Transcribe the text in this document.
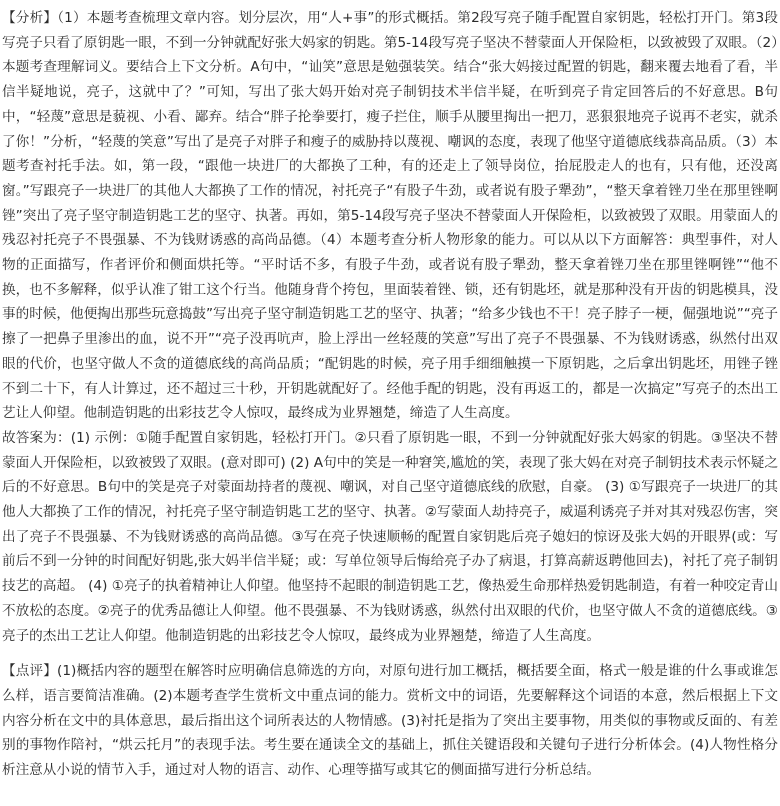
【分析】（1）本题考查梳理文章内容。划分层次，用“人+事”的形式概括。第2段写亮子随手配置自家钥匙，轻松打开门。第3段写亮子只看了原钥匙一眼，不到一分钟就配好张大妈家的钥匙。第5-14段写亮子坚决不替蒙面人开保险柜，以致被毁了双眼。（2）本题考查理解词义。要结合上下文分析。A句中，“讪笑”意思是勉强装笑。结合“张大妈接过配置的钥匙，翻来覆去地看了看，半信半疑地说，亮子，这就中了？”可知，写出了张大妈开始对亮子制钥技术半信半疑，在听到亮子肯定回答后的不好意思。B句中，“轻蔑”意思是藐视、小看、鄙弃。结合“胖子抡拳要打，瘦子拦住，顺手从腰里掏出一把刀，恶狠狠地亮子说再不老实，就杀了你！”分析，“轻蔑的笑意”写出了是亮子对胖子和瘦子的威胁持以蔑视、嘲讽的态度，表现了他坚守道德底线恭高品质。（3）本题考查衬托手法。如，第一段，“跟他一块进厂的大都换了工种，有的还走上了领导岗位，抬屁股走人的也有，只有他，还没离窗。”写跟亮子一块进厂的其他人大都换了工作的情况，衬托亮子“有股子牛劲，或者说有股子犟劲”，“整天拿着锉刀坐在那里锉啊锉”突出了亮子坚守制造钥匙工艺的坚守、执著。再如，第5-14段写亮子坚决不替蒙面人开保险柜，以致被毁了双眼。用蒙面人的残忍衬托亮子不畏强暴、不为钱财诱惑的高尚品德。（4）本题考查分析人物形象的能力。可以从以下方面解答：典型事件，对人物的正面描写，作者评价和侧面烘托等。“平时话不多，有股子牛劲，或者说有股子犟劲，整天拿着锉刀坐在那里锉啊锉”“他不换，也不多解释，似乎认准了钳工这个行当。他随身背个挎包，里面装着锉、锁，还有钥匙坯，就是那种没有开齿的钥匙模具，没事的时候，他便掏出那些玩意捣鼓”写出亮子坚守制造钥匙工艺的坚守、执著；“给多少钱也不干！亮子脖子一梗，倔强地说”“亮子擦了一把鼻子里渗出的血，说不开”“亮子没再吭声，脸上浮出一丝轻蔑的笑意”写出了亮子不畏强暴、不为钱财诱惑，纵然付出双眼的代价，也坚守做人不贪的道德底线的高尚品质；“配钥匙的时候，亮子用手细细触摸一下原钥匙，之后拿出钥匙坯，用锉子锉不到二十下，有人计算过，还不超过三十秒，开钥匙就配好了。经他手配的钥匙，没有再返工的，都是一次搞定”写亮子的杰出工艺让人仰望。他制造钥匙的出彩技艺令人惊叹，最终成为业界翘楚，缔造了人生高度。

故答案为：(1) 示例：①随手配置自家钥匙，轻松打开门。②只看了原钥匙一眼，不到一分钟就配好张大妈家的钥匙。③坚决不替蒙面人开保险柜，以致被毁了双眼。(意对即可) (2) A句中的笑是一种窘笑,尴尬的笑，表现了张大妈在对亮子制钥技术表示怀疑之后的不好意思。B句中的笑是亮子对蒙面劫持者的蔑视、嘲讽，对自己坚守道德底线的欣慰，自豪。 (3) ①写跟亮子一块进厂的其他人大都换了工作的情况，衬托亮子坚守制造钥匙工艺的坚守、执著。②写蒙面人劫持亮子，威逼利诱亮子并对其对残忍伤害，突出了亮子不畏强暴、不为钱财诱惑的高尚品德。③写在亮子快速顺畅的配置自家钥匙后亮子媳妇的惊讶及张大妈的开眼界(或：写前后不到一分钟的时间配好钥匙,张大妈半信半疑；或：写单位领导后悔给亮子办了病退，打算高薪返聘他回去)，衬托了亮子制钥技艺的高超。 (4) ①亮子的执着精神让人仰望。他坚持不起眼的制造钥匙工艺，像热爱生命那样热爱钥匙制造，有着一种咬定青山不放松的态度。②亮子的优秀品德让人仰望。他不畏强暴、不为钱财诱惑，纵然付出双眼的代价，也坚守做人不贪的道德底线。③亮子的杰出工艺让人仰望。他制造钥匙的出彩技艺令人惊叹，最终成为业界翘楚，缔造了人生高度。

【点评】(1)概括内容的题型在解答时应明确信息筛选的方向，对原句进行加工概括，概括要全面，格式一般是谁的什么事或谁怎么样，语言要简洁准确。(2)本题考查学生赏析文中重点词的能力。赏析文中的词语，先要解释这个词语的本意，然后根据上下文内容分析在文中的具体意思，最后指出这个词所表达的人物情感。(3)衬托是指为了突出主要事物，用类似的事物或反面的、有差别的事物作陪衬，“烘云托月”的表现手法。考生要在通读全文的基础上，抓住关键语段和关键句子进行分析体会。(4)人物性格分析注意从小说的情节入手，通过对人物的语言、动作、心理等描写或其它的侧面描写进行分析总结。
